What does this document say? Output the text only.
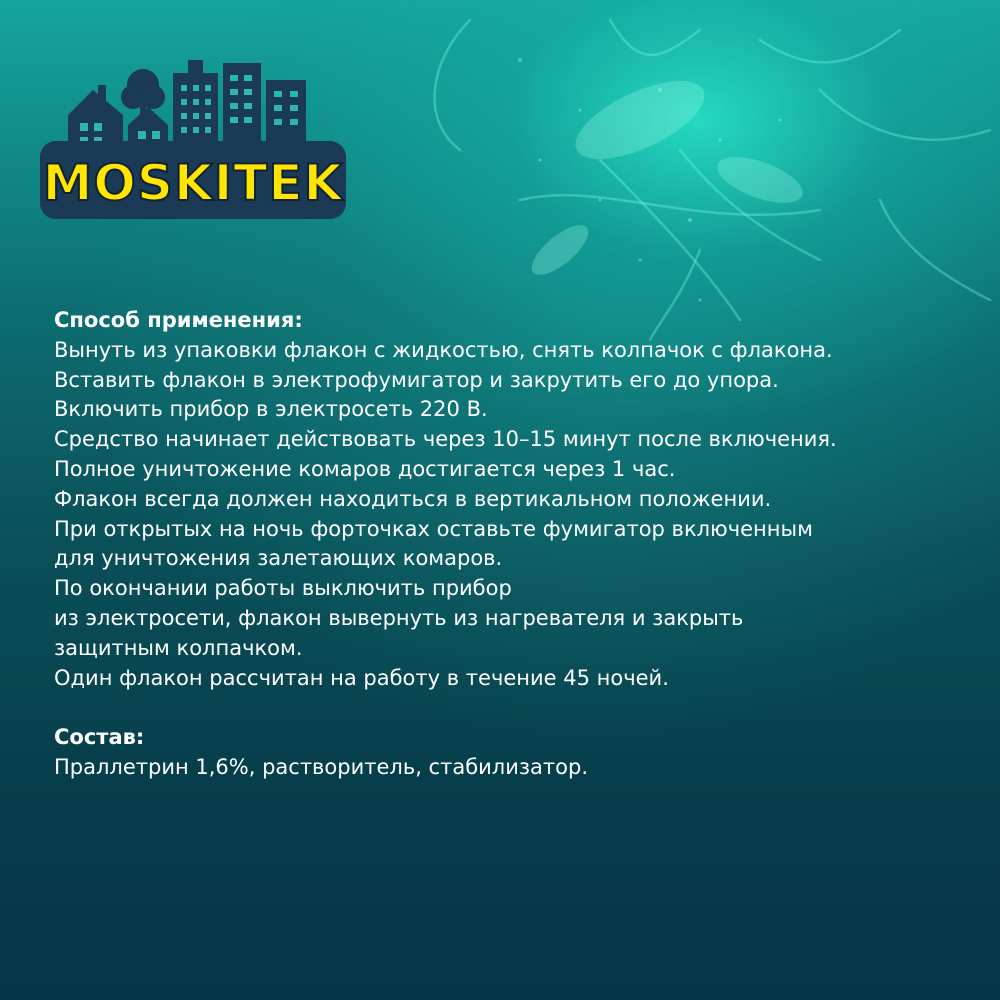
MOSKITEK
Способ применения:
Вынуть из упаковки флакон с жидкостью, снять колпачок с флакона.
Вставить флакон в электрофумигатор и закрутить его до упора.
Включить прибор в электросеть 220 В.
Средство начинает действовать через 10–15 минут после включения.
Полное уничтожение комаров достигается через 1 час.
Флакон всегда должен находиться в вертикальном положении.
При открытых на ночь форточках оставьте фумигатор включенным
для уничтожения залетающих комаров.
По окончании работы выключить прибор
из электросети, флакон вывернуть из нагревателя и закрыть
защитным колпачком.
Один флакон рассчитан на работу в течение 45 ночей.
Состав:
Праллетрин 1,6%, растворитель, стабилизатор.
